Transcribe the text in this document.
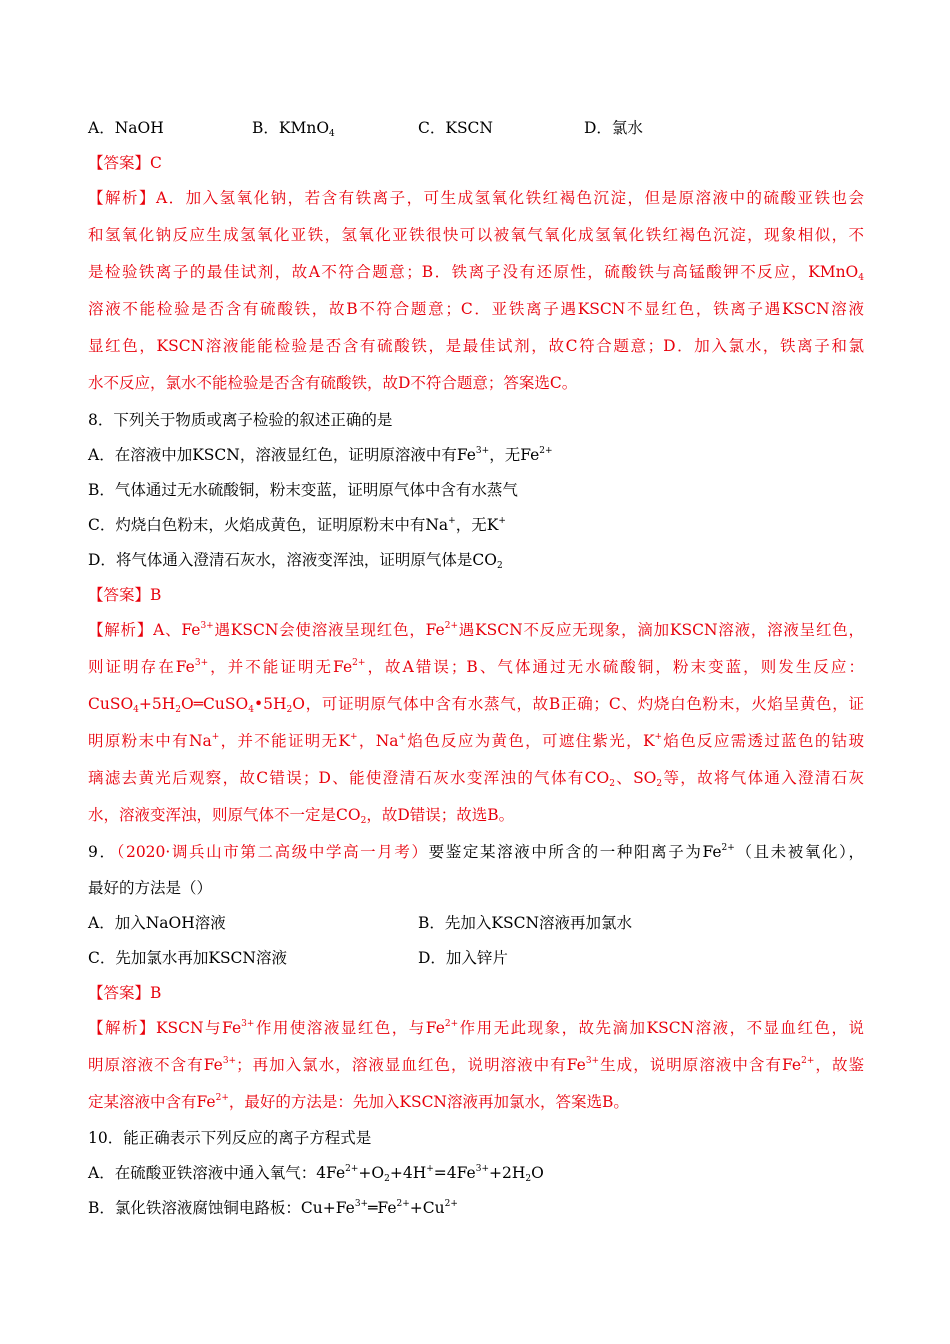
A．NaOH	B．KMnO$_4$	C．KSCN	D．氯水
【答案】C
【解析】A．加入氢氧化钠，若含有铁离子，可生成氢氧化铁红褐色沉淀，但是原溶液中的硫酸亚铁也会
和氢氧化钠反应生成氢氧化亚铁，氢氧化亚铁很快可以被氧气氧化成氢氧化铁红褐色沉淀，现象相似，不
是检验铁离子的最佳试剂，故A不符合题意；B．铁离子没有还原性，硫酸铁与高锰酸钾不反应，KMnO$_4$
溶液不能检验是否含有硫酸铁，故B不符合题意；C．亚铁离子遇KSCN不显红色，铁离子遇KSCN溶液
显红色，KSCN溶液能能检验是否含有硫酸铁，是最佳试剂，故C符合题意；D．加入氯水，铁离子和氯
水不反应，氯水不能检验是否含有硫酸铁，故D不符合题意；答案选C。
8．下列关于物质或离子检验的叙述正确的是
A．在溶液中加KSCN，溶液显红色，证明原溶液中有$Fe^{3+}$，无$Fe^{2+}$
B．气体通过无水硫酸铜，粉末变蓝，证明原气体中含有水蒸气
C．灼烧白色粉末，火焰成黄色，证明原粉末中有Na+，无K+
D．将气体通入澄清石灰水，溶液变浑浊，证明原气体是$CO_2$
【答案】B
【解析】A、$Fe^{3+}$遇KSCN会使溶液呈现红色，$Fe^{2+}$遇KSCN不反应无现象，滴加KSCN溶液，溶液呈红色，
则证明存在$Fe^{3+}$，并不能证明无$Fe^{2+}$，故A错误；B、气体通过无水硫酸铜，粉末变蓝，则发生反应：
$CuSO_4+5H_2O═CuSO_4•5H_2O$，可证明原气体中含有水蒸气，故B正确；C、灼烧白色粉末，火焰呈黄色，证
明原粉末中有Na+，并不能证明无K+，Na+焰色反应为黄色，可遮住紫光，K+焰色反应需透过蓝色的钴玻
璃滤去黄光后观察，故C错误；D、能使澄清石灰水变浑浊的气体有$CO_2$、$SO_2$等，故将气体通入澄清石灰
水，溶液变浑浊，则原气体不一定是$CO_2$，故D错误；故选B。
9．（2020·调兵山市第二高级中学高一月考）要鉴定某溶液中所含的一种阳离子为$Fe^{2+}$（且未被氧化），
最好的方法是（）
A．加入NaOH溶液	B．先加入KSCN溶液再加氯水
C．先加氯水再加KSCN溶液	D．加入锌片
【答案】B
【解析】KSCN与$Fe^{3+}$作用使溶液显红色，与$Fe^{2+}$作用无此现象，故先滴加KSCN溶液，不显血红色，说
明原溶液不含有$Fe^{3+}$；再加入氯水，溶液显血红色，说明溶液中有$Fe^{3+}$生成，说明原溶液中含有$Fe^{2+}$，故鉴
定某溶液中含有$Fe^{2+}$，最好的方法是：先加入KSCN溶液再加氯水，答案选B。
10．能正确表示下列反应的离子方程式是
A．在硫酸亚铁溶液中通入氧气：$4Fe^{2+}+O_2+4H^+=4Fe^{3+}+2H_2O$
B．氯化铁溶液腐蚀铜电路板：$Cu+Fe^{3+}═Fe^{2+}+Cu^{2+}$
